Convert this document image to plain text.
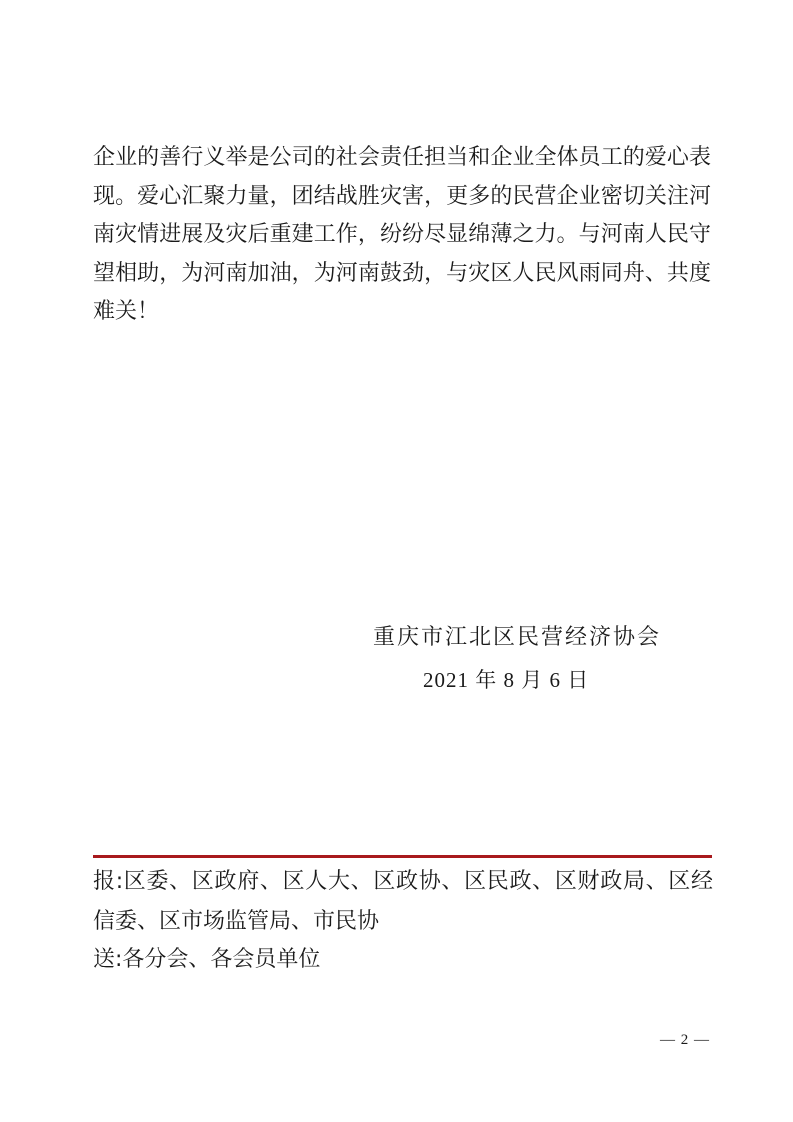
企业的善行义举是公司的社会责任担当和企业全体员工的爱心表现。爱心汇聚力量，团结战胜灾害，更多的民营企业密切关注河南灾情进展及灾后重建工作，纷纷尽显绵薄之力。与河南人民守望相助，为河南加油，为河南鼓劲，与灾区人民风雨同舟、共度难关！

重庆市江北区民营经济协会
2021 年 8 月 6 日

报:区委、区政府、区人大、区政协、区民政、区财政局、区经信委、区市场监管局、市民协

送:各分会、各会员单位

— 2 —
